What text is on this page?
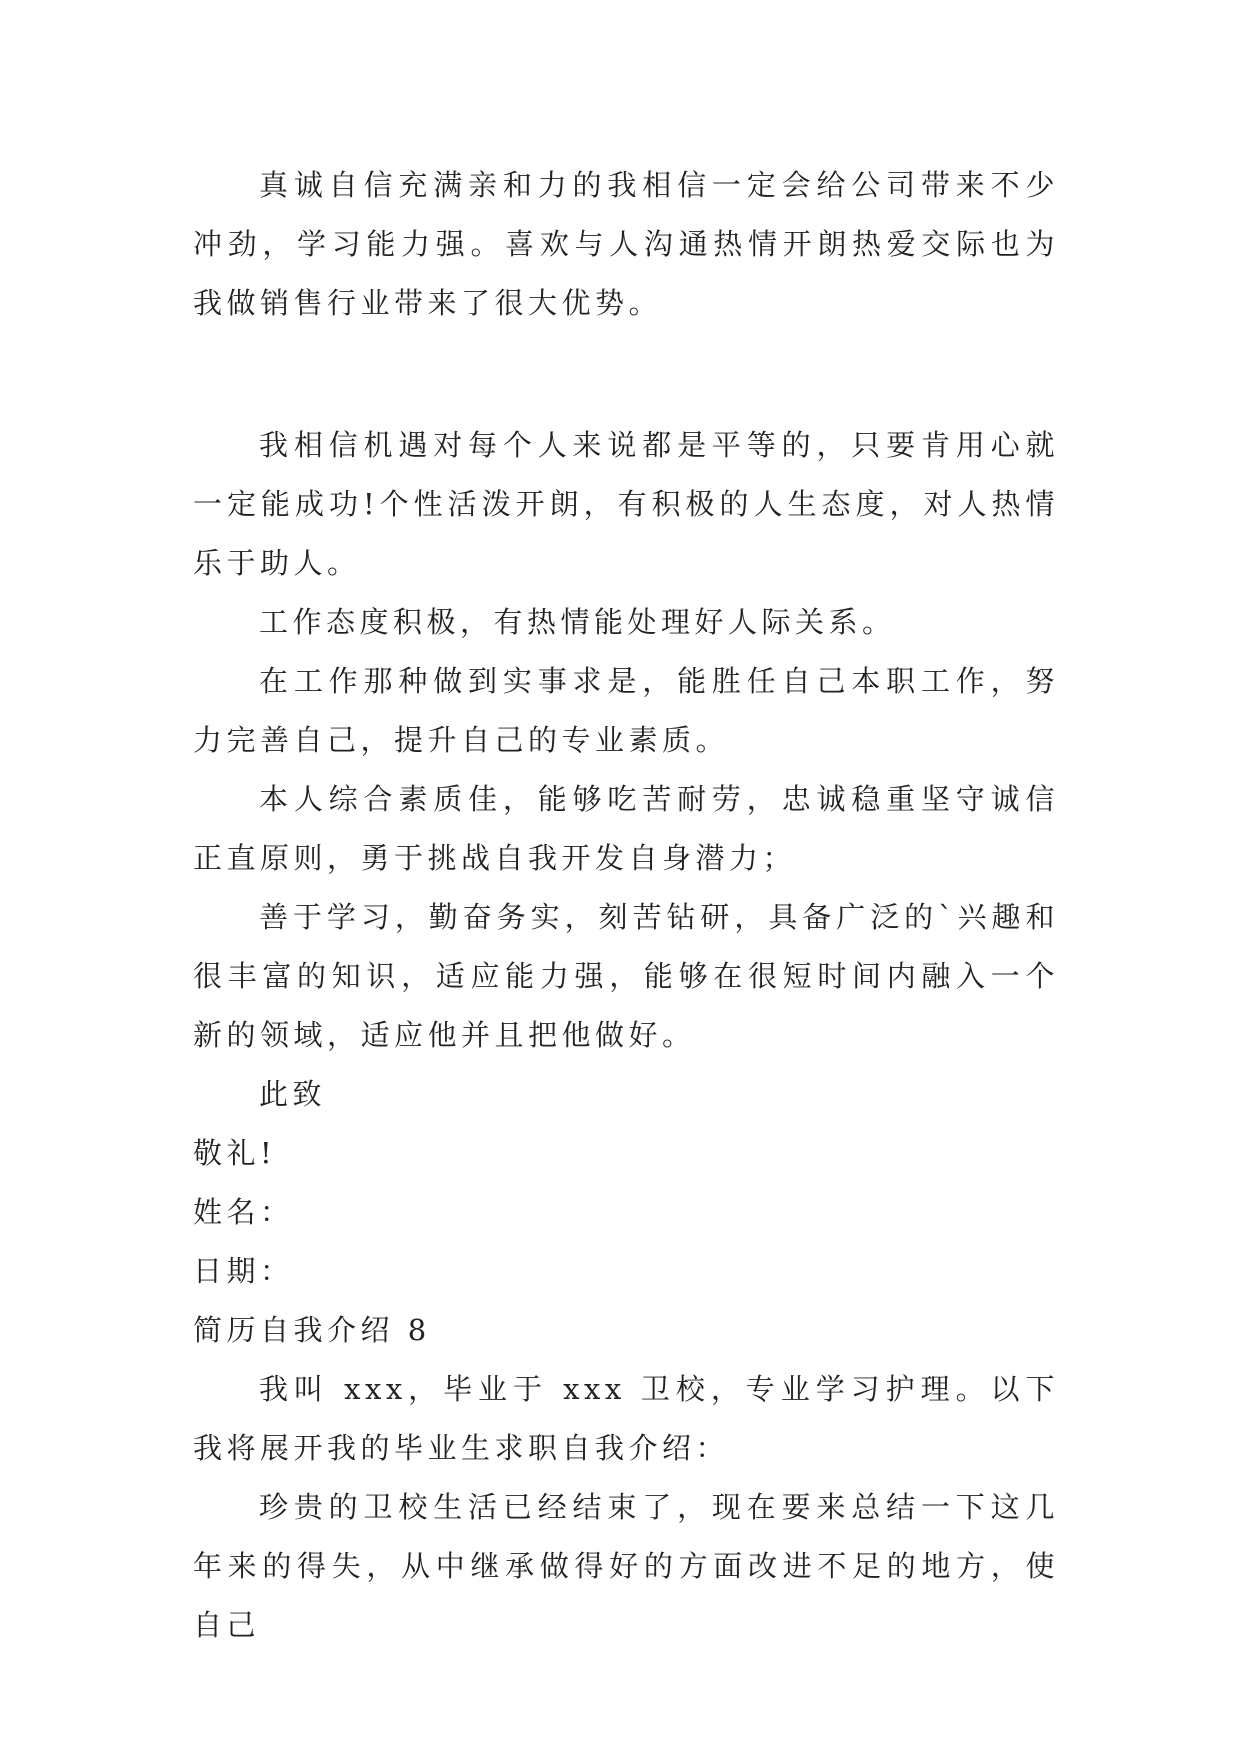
真诚自信充满亲和力的我相信一定会给公司带来不少冲劲，学习能力强。喜欢与人沟通热情开朗热爱交际也为我做销售行业带来了很大优势。

我相信机遇对每个人来说都是平等的，只要肯用心就一定能成功!个性活泼开朗，有积极的人生态度，对人热情乐于助人。

工作态度积极，有热情能处理好人际关系。

在工作那种做到实事求是，能胜任自己本职工作，努力完善自己，提升自己的专业素质。

本人综合素质佳，能够吃苦耐劳，忠诚稳重坚守诚信正直原则，勇于挑战自我开发自身潜力；

善于学习，勤奋务实，刻苦钻研，具备广泛的`兴趣和很丰富的知识，适应能力强，能够在很短时间内融入一个新的领域，适应他并且把他做好。

此致

敬礼!

姓名：

日期：

简历自我介绍 8

我叫 xxx，毕业于 xxx 卫校，专业学习护理。以下我将展开我的毕业生求职自我介绍：

珍贵的卫校生活已经结束了，现在要来总结一下这几年来的得失，从中继承做得好的方面改进不足的地方，使自己
